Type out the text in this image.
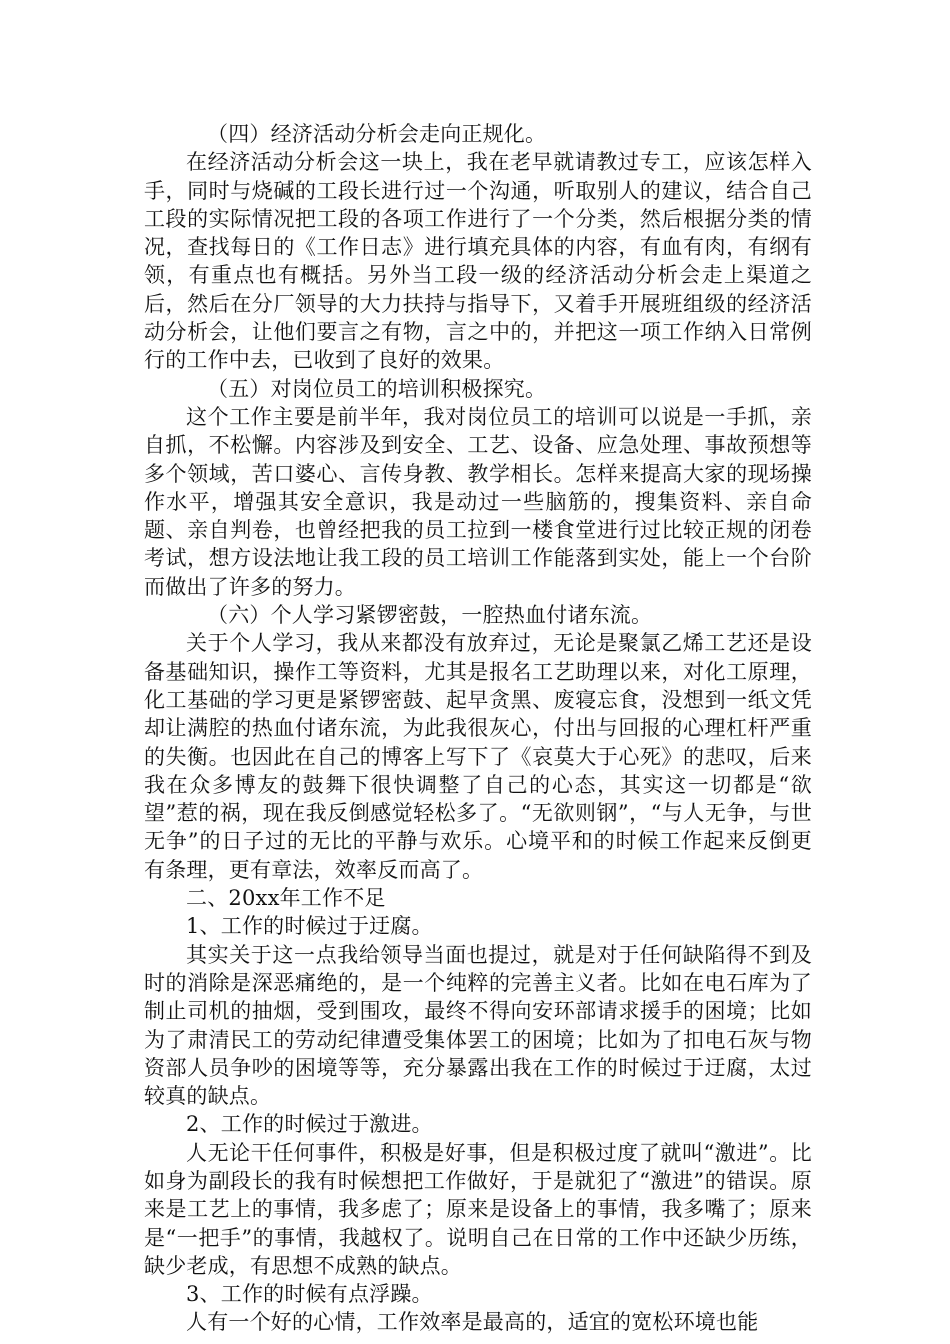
（四）经济活动分析会走向正规化。

在经济活动分析会这一块上，我在老早就请教过专工，应该怎样入手，同时与烧碱的工段长进行过一个沟通，听取别人的建议，结合自己工段的实际情况把工段的各项工作进行了一个分类，然后根据分类的情况，查找每日的《工作日志》进行填充具体的内容，有血有肉，有纲有领，有重点也有概括。另外当工段一级的经济活动分析会走上渠道之后，然后在分厂领导的大力扶持与指导下，又着手开展班组级的经济活动分析会，让他们要言之有物，言之中的，并把这一项工作纳入日常例行的工作中去，已收到了良好的效果。

（五）对岗位员工的培训积极探究。

这个工作主要是前半年，我对岗位员工的培训可以说是一手抓，亲自抓，不松懈。内容涉及到安全、工艺、设备、应急处理、事故预想等多个领域，苦口婆心、言传身教、教学相长。怎样来提高大家的现场操作水平，增强其安全意识，我是动过一些脑筋的，搜集资料、亲自命题、亲自判卷，也曾经把我的员工拉到一楼食堂进行过比较正规的闭卷考试，想方设法地让我工段的员工培训工作能落到实处，能上一个台阶而做出了许多的努力。

（六）个人学习紧锣密鼓，一腔热血付诸东流。

关于个人学习，我从来都没有放弃过，无论是聚氯乙烯工艺还是设备基础知识，操作工等资料，尤其是报名工艺助理以来，对化工原理，化工基础的学习更是紧锣密鼓、起早贪黑、废寝忘食，没想到一纸文凭却让满腔的热血付诸东流，为此我很灰心，付出与回报的心理杠杆严重的失衡。也因此在自己的博客上写下了《哀莫大于心死》的悲叹，后来我在众多博友的鼓舞下很快调整了自己的心态，其实这一切都是“欲望”惹的祸，现在我反倒感觉轻松多了。“无欲则钢”，“与人无争，与世无争”的日子过的无比的平静与欢乐。心境平和的时候工作起来反倒更有条理，更有章法，效率反而高了。

二、20xx年工作不足

1、工作的时候过于迂腐。

其实关于这一点我给领导当面也提过，就是对于任何缺陷得不到及时的消除是深恶痛绝的，是一个纯粹的完善主义者。比如在电石库为了制止司机的抽烟，受到围攻，最终不得向安环部请求援手的困境；比如为了肃清民工的劳动纪律遭受集体罢工的困境；比如为了扣电石灰与物资部人员争吵的困境等等，充分暴露出我在工作的时候过于迂腐，太过较真的缺点。

2、工作的时候过于激进。

人无论干任何事件，积极是好事，但是积极过度了就叫“激进”。比如身为副段长的我有时候想把工作做好，于是就犯了“激进”的错误。原来是工艺上的事情，我多虑了；原来是设备上的事情，我多嘴了；原来是“一把手”的事情，我越权了。说明自己在日常的工作中还缺少历练，缺少老成，有思想不成熟的缺点。

3、工作的时候有点浮躁。

人有一个好的心情，工作效率是最高的，适宜的宽松环境也能
